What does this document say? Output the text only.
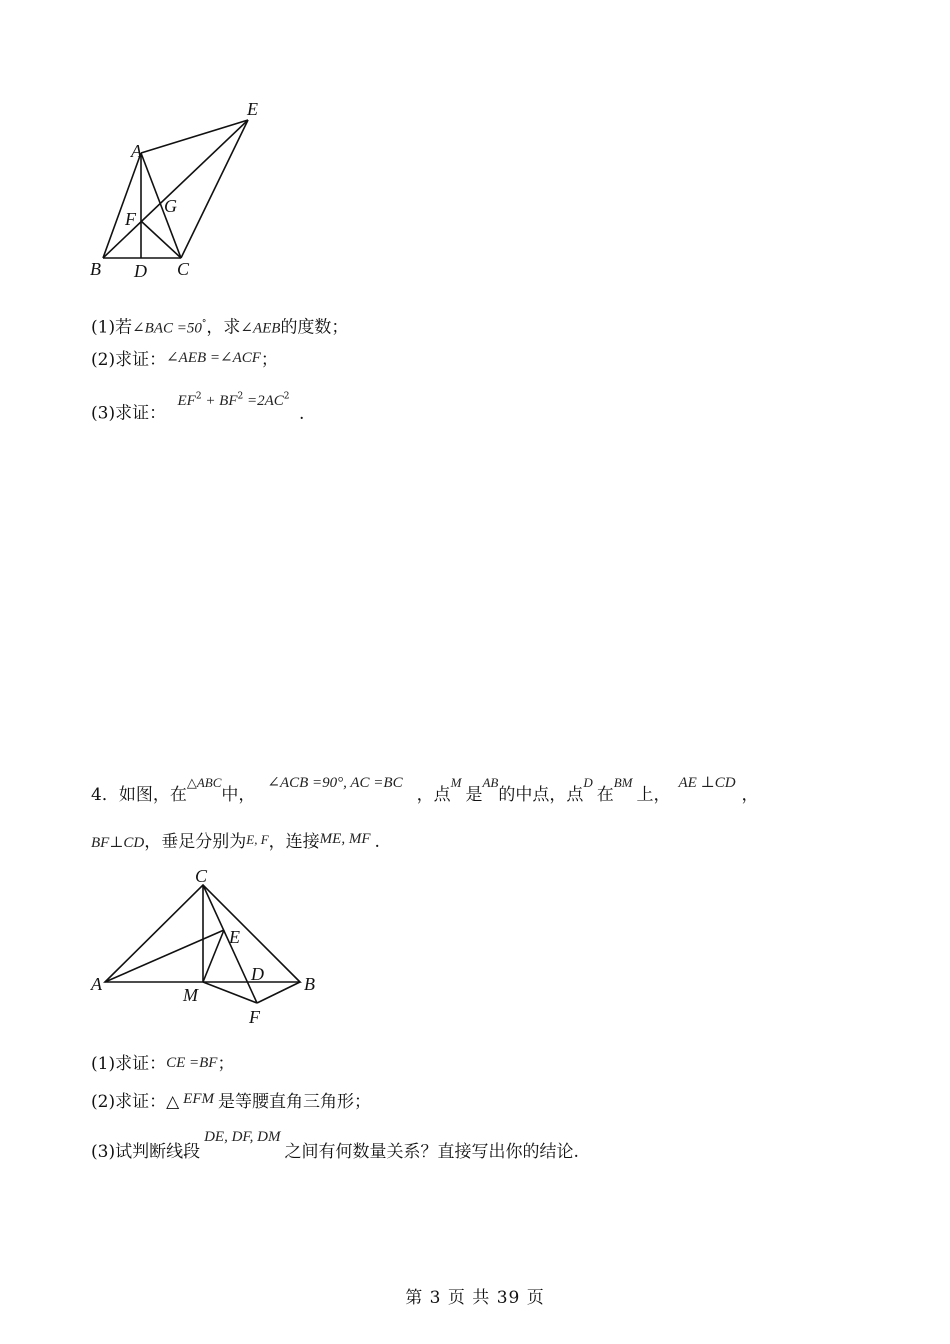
E
A
G
F
B D C
(1)若∠BAC =50°，求∠AEB的度数；
(2)求证：∠AEB =∠ACF；
(3)求证： $EF^2 + BF^2 =2AC^2$ .
4．如图，在$^{\triangle ABC}$中，∠ACB =90°, AC =BC，点$^M$是$^{AB}$的中点，点$^D$在$^{BM}$上，AE ⊥CD，
BF⊥CD，垂足分别为E, F，连接ME, MF .
C
E
A	D B
M
F
(1)求证：CE =BF；
(2)求证：△ EFM 是等腰直角三角形；
(3)试判断线段DE, DF, DM之间有何数量关系？直接写出你的结论.
第 3 页 共 39 页
